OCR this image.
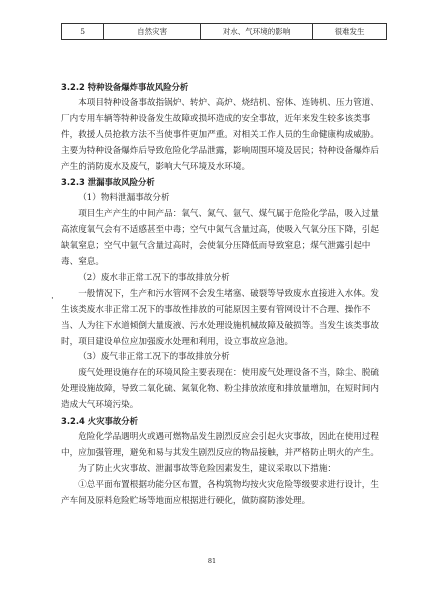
5	自然灾害	对水、气环境的影响	很难发生
3.2.2 特种设备爆炸事故风险分析

本项目特种设备事故指锅炉、转炉、高炉、烧结机、窑体、连铸机、压力管道、厂内专用车辆等特种设备发生故障或损坏造成的安全事故，近年来发生较多该类事件，救援人员抢救方法不当使事件更加严重。对相关工作人员的生命健康构成威胁。主要为特种设备爆炸后导致危险化学品泄露，影响周围环境及居民；特种设备爆炸后产生的消防废水及废气，影响大气环境及水环境。

3.2.3 泄漏事故风险分析

（1）物料泄漏事故分析

项目生产产生的中间产品：氧气、氮气、氩气、煤气属于危险化学品，吸入过量高浓度氧气会有不适感甚至中毒；空气中氮气含量过高，使吸入气氧分压下降，引起缺氧窒息；空气中氩气含量过高时，会使氧分压降低而导致窒息；煤气泄露引起中毒、窒息。

（2）废水非正常工况下的事故排放分析

一般情况下，生产和污水管网不会发生堵塞、破裂等导致废水直接进入水体。发生该类废水非正常工况下的事故性排放的可能原因主要有管网设计不合理、操作不当、人为往下水道倾倒大量废液、污水处理设施机械故障及破损等。当发生该类事故时，项目建设单位应加强废水处理和利用，设立事故应急池。

（3）废气非正常工况下的事故排放分析

废气处理设施存在的环境风险主要表现在：使用废气处理设备不当，除尘、脱硫处理设施故障，导致二氧化硫、氮氧化物、粉尘排放浓度和排放量增加，在短时间内造成大气环境污染。

3.2.4 火灾事故分析

危险化学品遇明火或遇可燃物品发生剧烈反应会引起火灾事故，因此在使用过程中，应加强管理，避免和易与其发生剧烈反应的物品接触，并严格防止明火的产生。

为了防止火灾事故、泄漏事故等危险因素发生，建议采取以下措施：

①总平面布置根据功能分区布置，各构筑物均按火灾危险等级要求进行设计，生产车间及原料危险贮场等地面应根据进行硬化，做防腐防渗处理。

·
81
